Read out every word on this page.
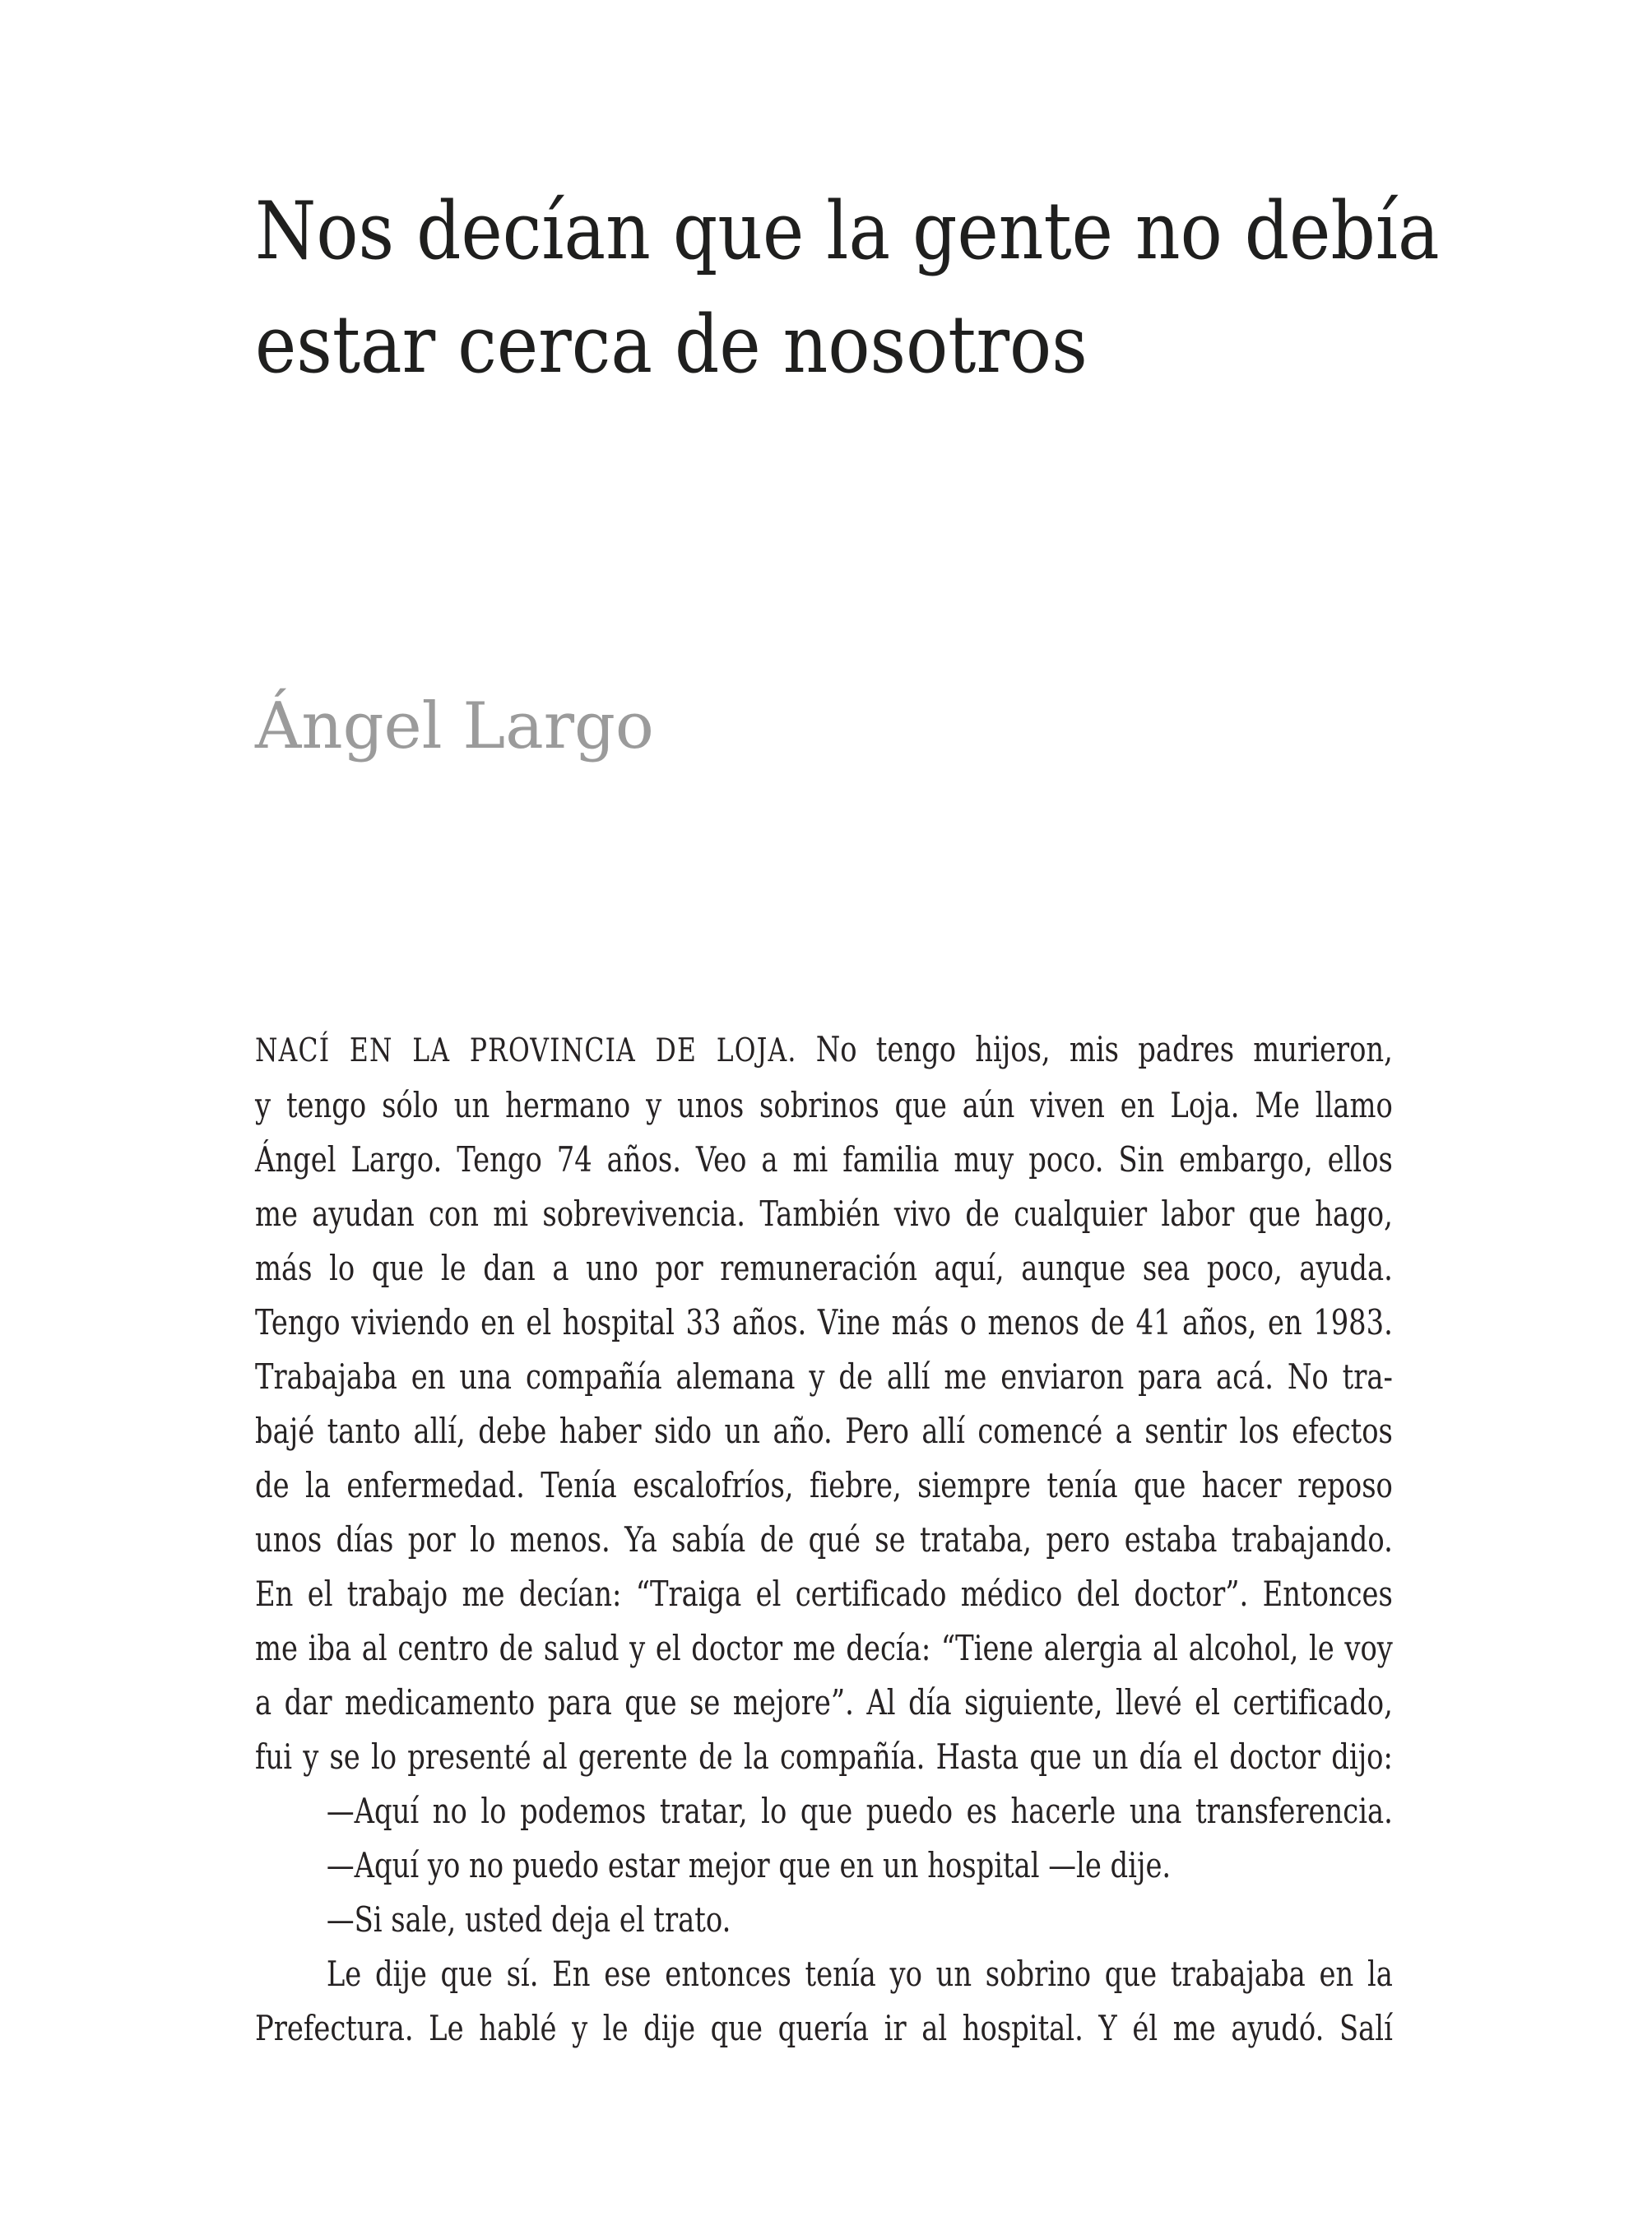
Nos decían que la gente no debía
estar cerca de nosotros
Ángel Largo
NACÍ EN LA PROVINCIA DE LOJA. No tengo hijos, mis padres murieron,
y tengo sólo un hermano y unos sobrinos que aún viven en Loja. Me llamo
Ángel Largo. Tengo 74 años. Veo a mi familia muy poco. Sin embargo, ellos
me ayudan con mi sobrevivencia. También vivo de cualquier labor que hago,
más lo que le dan a uno por remuneración aquí, aunque sea poco, ayuda.
Tengo viviendo en el hospital 33 años. Vine más o menos de 41 años, en 1983.
Trabajaba en una compañía alemana y de allí me enviaron para acá. No tra-
bajé tanto allí, debe haber sido un año. Pero allí comencé a sentir los efectos
de la enfermedad. Tenía escalofríos, fiebre, siempre tenía que hacer reposo
unos días por lo menos. Ya sabía de qué se trataba, pero estaba trabajando.
En el trabajo me decían: “Traiga el certificado médico del doctor”. Entonces
me iba al centro de salud y el doctor me decía: “Tiene alergia al alcohol, le voy
a dar medicamento para que se mejore”. Al día siguiente, llevé el certificado,
fui y se lo presenté al gerente de la compañía. Hasta que un día el doctor dijo:
—Aquí no lo podemos tratar, lo que puedo es hacerle una transferencia.
—Aquí yo no puedo estar mejor que en un hospital —le dije.
—Si sale, usted deja el trato.
Le dije que sí. En ese entonces tenía yo un sobrino que trabajaba en la
Prefectura. Le hablé y le dije que quería ir al hospital. Y él me ayudó. Salí
